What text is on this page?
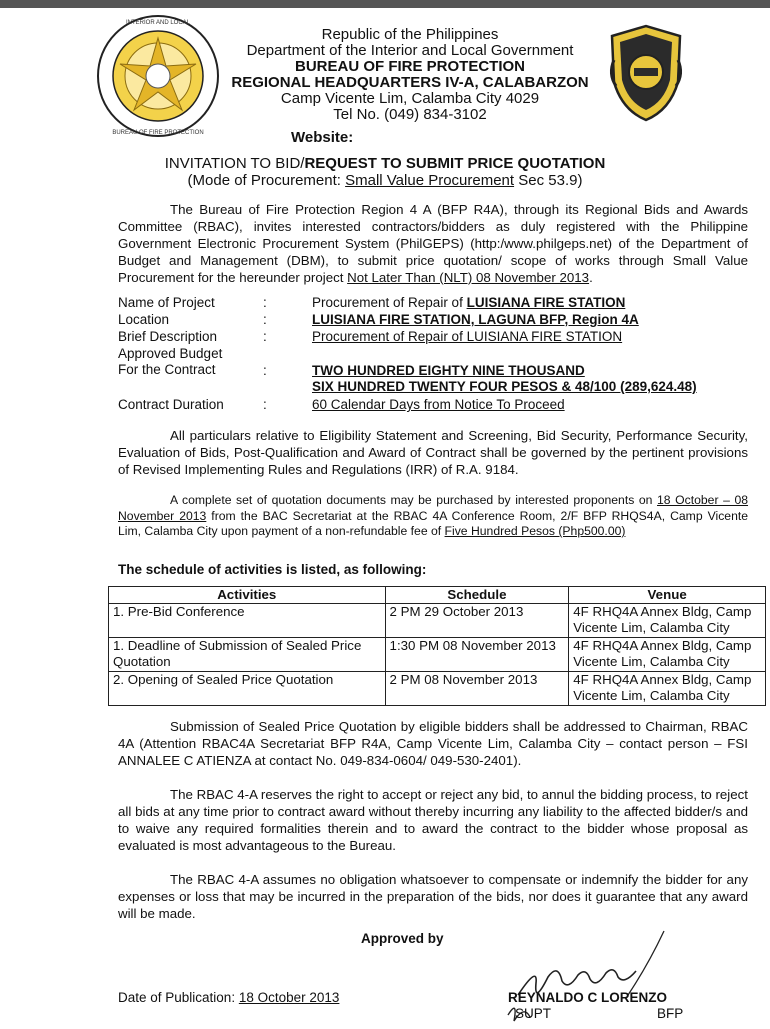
INTERIOR AND LOCAL
BUREAU OF FIRE PROTECTION
Republic of the Philippines
Department of the Interior and Local Government
BUREAU OF FIRE PROTECTION
REGIONAL HEADQUARTERS IV-A, CALABARZON
Camp Vicente Lim, Calamba City 4029
Tel No. (049) 834-3102
Website:
INVITATION TO BID/REQUEST TO SUBMIT PRICE QUOTATION
(Mode of Procurement: Small Value Procurement Sec 53.9)
The Bureau of Fire Protection Region 4 A (BFP R4A), through its Regional Bids and Awards Committee (RBAC), invites interested contractors/bidders as duly registered with the Philippine Government Electronic Procurement System (PhilGEPS) (http:/www.philgeps.net) of the Department of Budget and Management (DBM), to submit price quotation/ scope of works through Small Value Procurement for the hereunder project Not Later Than (NLT) 08 November 2013.
Name of Project	:	Procurement of Repair of LUISIANA FIRE STATION
Location	:	LUISIANA FIRE STATION, LAGUNA BFP, Region 4A
Brief Description	:	Procurement of Repair of LUISIANA FIRE STATION
Approved Budget
For the Contract	:	TWO HUNDRED EIGHTY NINE THOUSAND
SIX HUNDRED TWENTY FOUR PESOS & 48/100 (289,624.48)
Contract Duration	:	60 Calendar Days from Notice To Proceed
All particulars relative to Eligibility Statement and Screening, Bid Security, Performance Security, Evaluation of Bids, Post-Qualification and Award of Contract shall be governed by the pertinent provisions of Revised Implementing Rules and Regulations (IRR) of R.A. 9184.
A complete set of quotation documents may be purchased by interested proponents on 18 October – 08 November 2013 from the BAC Secretariat at the RBAC 4A Conference Room, 2/F BFP RHQS4A, Camp Vicente Lim, Calamba City upon payment of a non-refundable fee of Five Hundred Pesos (Php500.00)
The schedule of activities is listed, as following:
Activities	Schedule	Venue
1. Pre-Bid Conference	2 PM 29 October 2013	4F RHQ4A Annex Bldg, Camp Vicente Lim, Calamba City
1. Deadline of Submission of Sealed Price Quotation	1:30 PM 08 November 2013	4F RHQ4A Annex Bldg, Camp Vicente Lim, Calamba City
2. Opening of Sealed Price Quotation	2 PM 08 November 2013	4F RHQ4A Annex Bldg, Camp Vicente Lim, Calamba City
Submission of Sealed Price Quotation by eligible bidders shall be addressed to Chairman, RBAC 4A (Attention RBAC4A Secretariat BFP R4A, Camp Vicente Lim, Calamba City – contact person – FSI ANNALEE C ATIENZA at contact No. 049-834-0604/ 049-530-2401).
The RBAC 4-A reserves the right to accept or reject any bid, to annul the bidding process, to reject all bids at any time prior to contract award without thereby incurring any liability to the affected bidder/s and to waive any required formalities therein and to award the contract to the bidder whose proposal as evaluated is most advantageous to the Bureau.
The RBAC 4-A assumes no obligation whatsoever to compensate or indemnify the bidder for any expenses or loss that may be incurred in the preparation of the bids, nor does it guarantee that any award will be made.
Approved by
Date of Publication: 18 October 2013	REYNALDO C LORENZO
SUPT	BFP
